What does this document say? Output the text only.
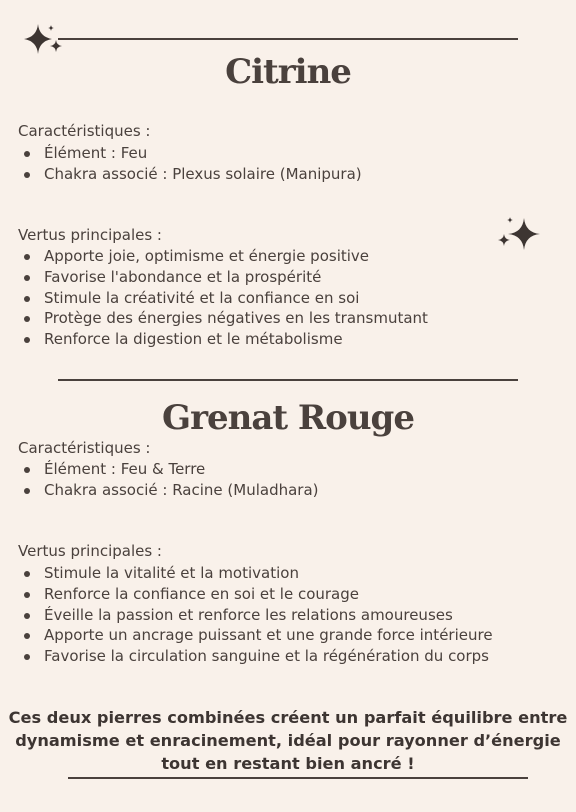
Citrine
Caractéristiques :
Élément : Feu
Chakra associé : Plexus solaire (Manipura)
Vertus principales :
Apporte joie, optimisme et énergie positive
Favorise l'abondance et la prospérité
Stimule la créativité et la confiance en soi
Protège des énergies négatives en les transmutant
Renforce la digestion et le métabolisme
Grenat Rouge
Caractéristiques :
Élément : Feu & Terre
Chakra associé : Racine (Muladhara)
Vertus principales :
Stimule la vitalité et la motivation
Renforce la confiance en soi et le courage
Éveille la passion et renforce les relations amoureuses
Apporte un ancrage puissant et une grande force intérieure
Favorise la circulation sanguine et la régénération du corps
Ces deux pierres combinées créent un parfait équilibre entre dynamisme et enracinement, idéal pour rayonner d’énergie tout en restant bien ancré !
